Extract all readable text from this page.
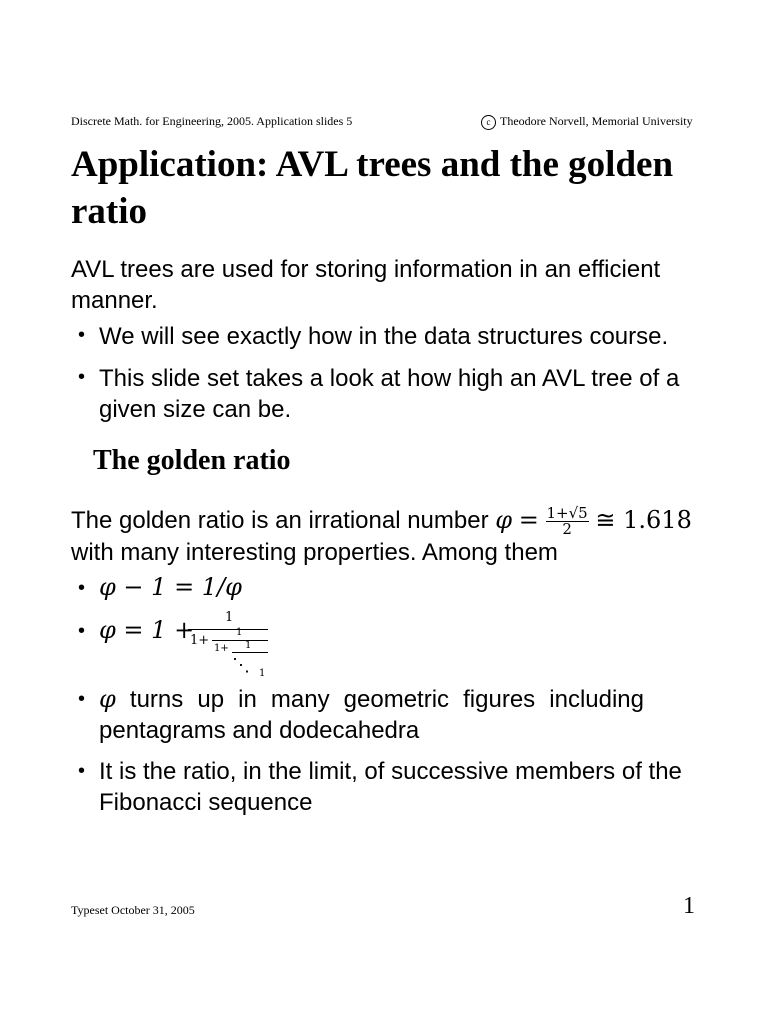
Discrete Math. for Engineering, 2005. Application slides 5	c Theodore Norvell, Memorial University
Application: AVL trees and the golden ratio
AVL trees are used for storing information in an efficient manner.
• We will see exactly how in the data structures course.
• This slide set takes a look at how high an AVL tree of a given size can be.
The golden ratio
The golden ratio is an irrational number $\varphi = \frac{1+√5}{2}$ ≅ 1.618
with many interesting properties. Among them
• φ − 1 = 1/φ
• φ = 1 + 1
1+
1
1+ 1
⋱ 1
• φ turns up in many geometric figures including pentagrams and dodecahedra
• It is the ratio, in the limit, of successive members of the Fibonacci sequence
Typeset October 31, 2005	1
